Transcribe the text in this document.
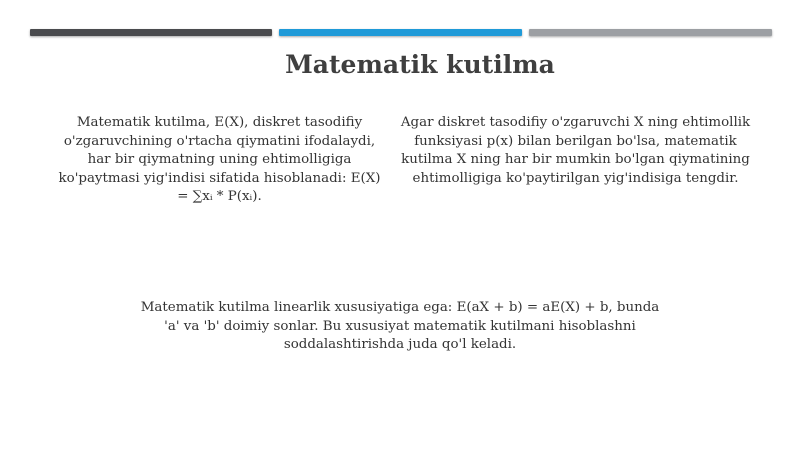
Matematik kutilma

Matematik kutilma, E(X), diskret tasodifiy o'zgaruvchining o'rtacha qiymatini ifodalaydi, har bir qiymatning uning ehtimolligiga ko'paytmasi yig'indisi sifatida hisoblanadi: E(X) = ∑xᵢ * P(xᵢ).

Agar diskret tasodifiy o'zgaruvchi X ning ehtimollik funksiyasi p(x) bilan berilgan bo'lsa, matematik kutilma X ning har bir mumkin bo'lgan qiymatining ehtimolligiga ko'paytirilgan yig'indisiga tengdir.

Matematik kutilma linearlik xususiyatiga ega: E(aX + b) = aE(X) + b, bunda 'a' va 'b' doimiy sonlar. Bu xususiyat matematik kutilmani hisoblashni soddalashtirishda juda qo'l keladi.
